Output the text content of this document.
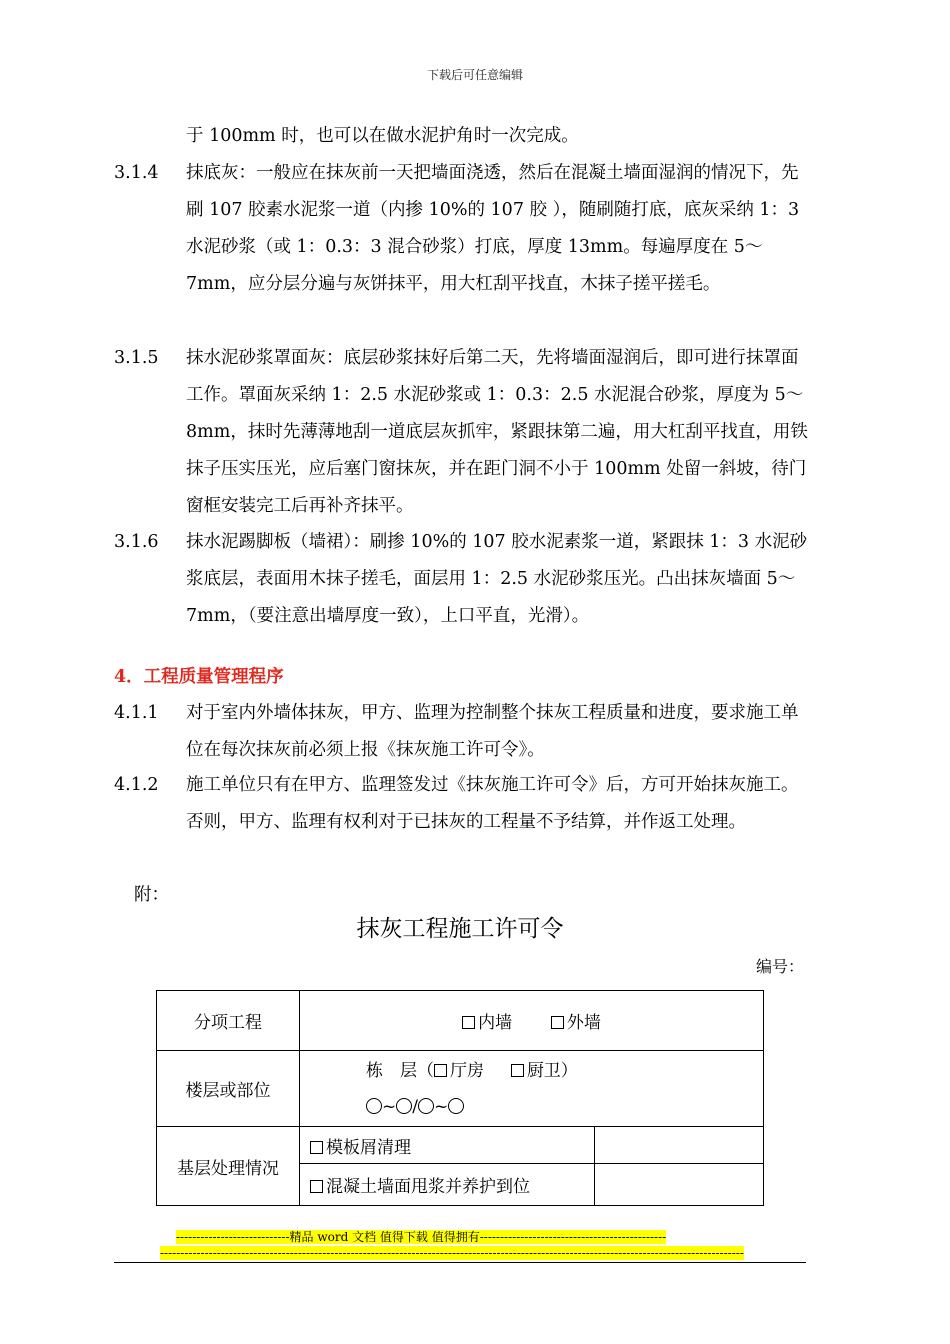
下载后可任意编辑
于 100mm 时，也可以在做水泥护角时一次完成。
3.1.4 抹底灰：一般应在抹灰前一天把墙面浇透，然后在混凝土墙面湿润的情况下，先刷 107 胶素水泥浆一道（内掺 10%的 107 胶 ），随刷随打底，底灰采纳 1：3 水泥砂浆（或 1：0.3：3 混合砂浆）打底，厚度 13mm。每遍厚度在 5～7mm，应分层分遍与灰饼抹平，用大杠刮平找直，木抹子搓平搓毛。
3.1.5 抹水泥砂浆罩面灰：底层砂浆抹好后第二天，先将墙面湿润后，即可进行抹罩面工作。罩面灰采纳 1：2.5 水泥砂浆或 1：0.3：2.5 水泥混合砂浆，厚度为 5～8mm，抹时先薄薄地刮一道底层灰抓牢，紧跟抹第二遍，用大杠刮平找直，用铁抹子压实压光，应后塞门窗抹灰，并在距门洞不小于 100mm 处留一斜坡，待门窗框安装完工后再补齐抹平。
3.1.6 抹水泥踢脚板（墙裙）：刷掺 10%的 107 胶水泥素浆一道，紧跟抹 1：3 水泥砂浆底层，表面用木抹子搓毛，面层用 1：2.5 水泥砂浆压光。凸出抹灰墙面 5～7mm，（要注意出墙厚度一致），上口平直，光滑）。
4．工程质量管理程序
4.1.1 对于室内外墙体抹灰，甲方、监理为控制整个抹灰工程质量和进度，要求施工单位在每次抹灰前必须上报《抹灰施工许可令》。
4.1.2 施工单位只有在甲方、监理签发过《抹灰施工许可令》后，方可开始抹灰施工。否则，甲方、监理有权利对于已抹灰的工程量不予结算，并作返工处理。
附：
抹灰工程施工许可令
编号：
分项工程	内墙 外墙	
楼层或部位	栋　层（ 厅房 厨卫）
~ / ~	

基层处理情况	模板屑清理	
	混凝土墙面甩浆并养护到位	
----------------------------精品 word 文档 值得下载 值得拥有----------------------------------------------
------------------------------------------------------------------------------------------------------------------------------------------------
